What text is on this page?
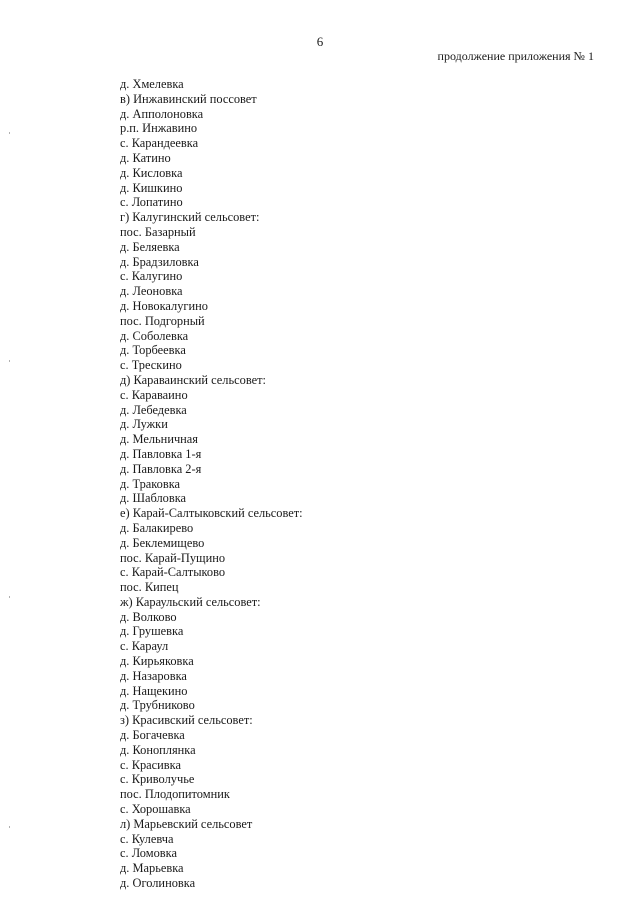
6
продолжение приложения № 1
д. Хмелевка
в) Инжавинский поссовет
д. Апполоновка
р.п. Инжавино
с. Карандеевка
д. Катино
д. Кисловка
д. Кишкино
с. Лопатино
г) Калугинский сельсовет:
пос. Базарный
д. Беляевка
д. Брадзиловка
с. Калугино
д. Леоновка
д. Новокалугино
пос. Подгорный
д. Соболевка
д. Торбеевка
с. Трескино
д) Караваинский сельсовет:
с. Караваино
д. Лебедевка
д. Лужки
д. Мельничная
д. Павловка 1-я
д. Павловка 2-я
д. Траковка
д. Шабловка
е) Карай-Салтыковский сельсовет:
д. Балакирево
д. Беклемищево
пос. Карай-Пущино
с. Карай-Салтыково
пос. Кипец
ж) Караульский сельсовет:
д. Волково
д. Грушевка
с. Караул
д. Кирьяковка
д. Назаровка
д. Нащекино
д. Трубниково
з) Красивский сельсовет:
д. Богачевка
д. Коноплянка
с. Красивка
с. Криволучье
пос. Плодопитомник
с. Хорошавка
л) Марьевский сельсовет
с. Кулевча
с. Ломовка
д. Марьевка
д. Оголиновка
